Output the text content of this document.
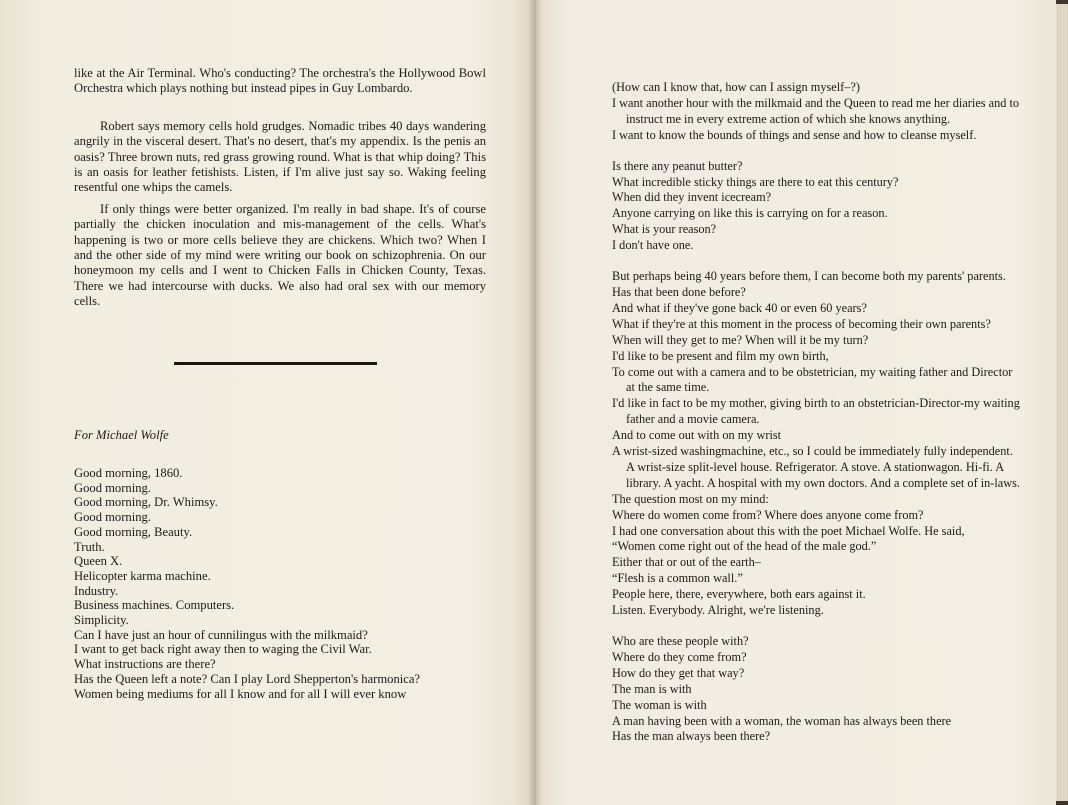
like at the Air Terminal. Who's conducting? The orchestra's the Hollywood Bowl Orchestra which plays nothing but instead pipes in Guy Lombardo.

Robert says memory cells hold grudges. Nomadic tribes 40 days wandering angrily in the visceral desert. That's no desert, that's my appendix. Is the penis an oasis? Three brown nuts, red grass growing round. What is that whip doing? This is an oasis for leather fetishists. Listen, if I'm alive just say so. Waking feeling resentful one whips the camels.

If only things were better organized. I'm really in bad shape. It's of course partially the chicken inoculation and mis-management of the cells. What's happening is two or more cells believe they are chickens. Which two? When I and the other side of my mind were writing our book on schizophrenia. On our honeymoon my cells and I went to Chicken Falls in Chicken County, Texas. There we had intercourse with ducks. We also had oral sex with our memory cells.

For Michael Wolfe
Good morning, 1860.
Good morning.
Good morning, Dr. Whimsy.
Good morning.
Good morning, Beauty.
Truth.
Queen X.
Helicopter karma machine.
Industry.
Business machines. Computers.
Simplicity.
Can I have just an hour of cunnilingus with the milkmaid?
I want to get back right away then to waging the Civil War.
What instructions are there?
Has the Queen left a note? Can I play Lord Shepperton's harmonica?
Women being mediums for all I know and for all I will ever know
(How can I know that, how can I assign myself–?)
I want another hour with the milkmaid and the Queen to read me her diaries and to instruct me in every extreme action of which she knows anything.
I want to know the bounds of things and sense and how to cleanse myself.
Is there any peanut butter?
What incredible sticky things are there to eat this century?
When did they invent icecream?
Anyone carrying on like this is carrying on for a reason.
What is your reason?
I don't have one.
But perhaps being 40 years before them, I can become both my parents' parents.
Has that been done before?
And what if they've gone back 40 or even 60 years?
What if they're at this moment in the process of becoming their own parents?
When will they get to me? When will it be my turn?
I'd like to be present and film my own birth,
To come out with a camera and to be obstetrician, my waiting father and Director at the same time.
I'd like in fact to be my mother, giving birth to an obstetrician-Director-my waiting father and a movie camera.
And to come out with on my wrist
A wrist-sized washingmachine, etc., so I could be immediately fully independent. A wrist-size split-level house. Refrigerator. A stove. A stationwagon. Hi-fi. A library. A yacht. A hospital with my own doctors. And a complete set of in-laws.
The question most on my mind:
Where do women come from? Where does anyone come from?
I had one conversation about this with the poet Michael Wolfe. He said,
“Women come right out of the head of the male god.”
Either that or out of the earth–
“Flesh is a common wall.”
People here, there, everywhere, both ears against it.
Listen. Everybody. Alright, we're listening.
Who are these people with?
Where do they come from?
How do they get that way?
The man is with
The woman is with
A man having been with a woman, the woman has always been there
Has the man always been there?
